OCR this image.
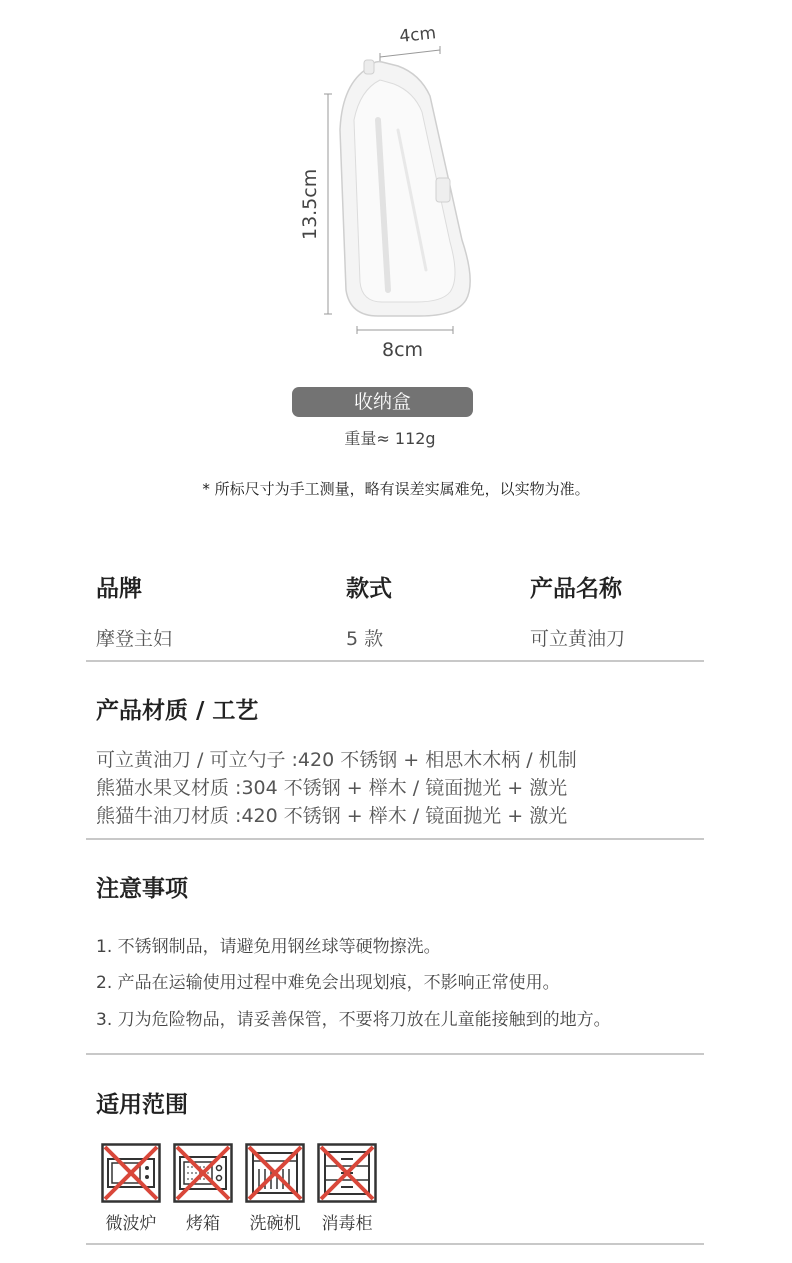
4cm
13.5cm
8cm
收纳盒
重量≈ 112g
* 所标尺寸为手工测量，略有误差实属难免，以实物为准。
品牌	款式	产品名称
摩登主妇	5 款	可立黄油刀
产品材质 / 工艺
可立黄油刀 / 可立勺子 :420 不锈钢 + 相思木木柄 / 机制
熊猫水果叉材质 :304 不锈钢 + 榉木 / 镜面抛光 + 激光
熊猫牛油刀材质 :420 不锈钢 + 榉木 / 镜面抛光 + 激光
注意事项
1. 不锈钢制品，请避免用钢丝球等硬物擦洗。
2. 产品在运输使用过程中难免会出现划痕，不影响正常使用。
3. 刀为危险物品，请妥善保管，不要将刀放在儿童能接触到的地方。
适用范围
微波炉	烤箱	洗碗机	消毒柜
